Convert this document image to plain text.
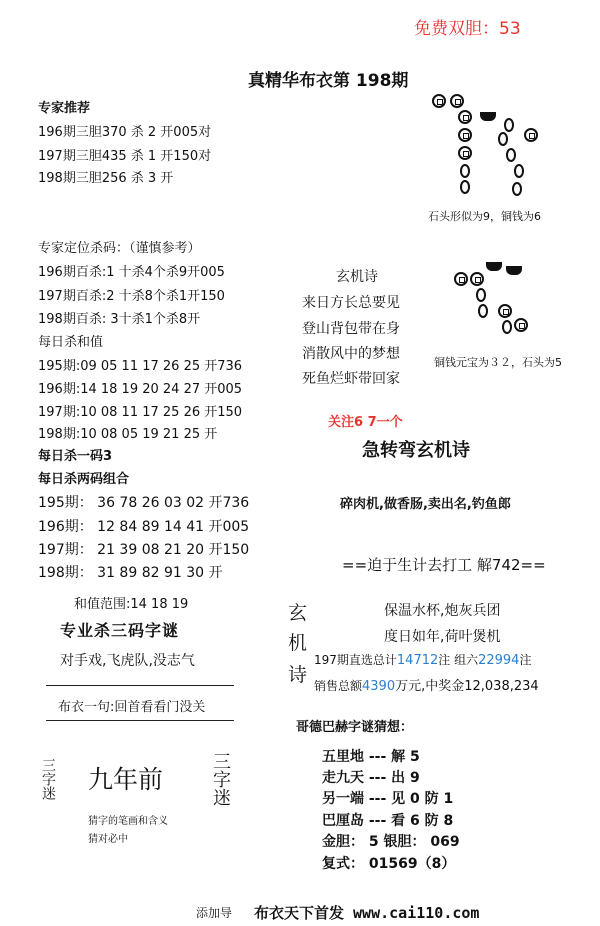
免费双胆：53
真精华布衣第 198期
专家推荐
196期三胆370 杀 2 开005对
197期三胆435 杀 1 开150对
198期三胆256 杀 3 开
专家定位杀码：（谨慎参考）
196期百杀:1 十杀4个杀9开005
197期百杀:2 十杀8个杀1开150
198期百杀: 3十杀1个杀8开
每日杀和值
195期:09 05 11 17 26 25 开736
196期:14 18 19 20 24 27 开005
197期:10 08 11 17 25 26 开150
198期:10 08 05 19 21 25 开
每日杀一码3
每日杀两码组合
195期： 36 78 26 03 02 开736
196期： 12 84 89 14 41 开005
197期： 21 39 08 21 20 开150
198期： 31 89 82 91 30 开
和值范围:14 18 19
专业杀三码字谜
对手戏,飞虎队,没志气
布衣一句:回首看看门没关
三字迷 九年前	三字迷
猜字的笔画和含义
猜对必中
石头形似为9，铜钱为6
铜钱元宝为３２，石头为5
玄机诗
来日方长总要见
登山背包带在身
消散风中的梦想
死鱼烂虾带回家
关注6 7一个
急转弯玄机诗
碎肉机,做香肠,卖出名,钓鱼郎
==迫于生计去打工 解742==
玄
机
诗
保温水杯,炮灰兵团
度日如年,荷叶煲机
197期直选总计14712注 组六22994注
销售总额4390万元,中奖金12,038,234
哥德巴赫字谜猜想：
五里地 --- 解 5
走九天 --- 出 9
另一端 --- 见 0 防 1
巴厘岛 --- 看 6 防 8
金胆： 5 银胆： 069
复式： 01569（8）
添加导 布衣天下首发 www.cai110.com
